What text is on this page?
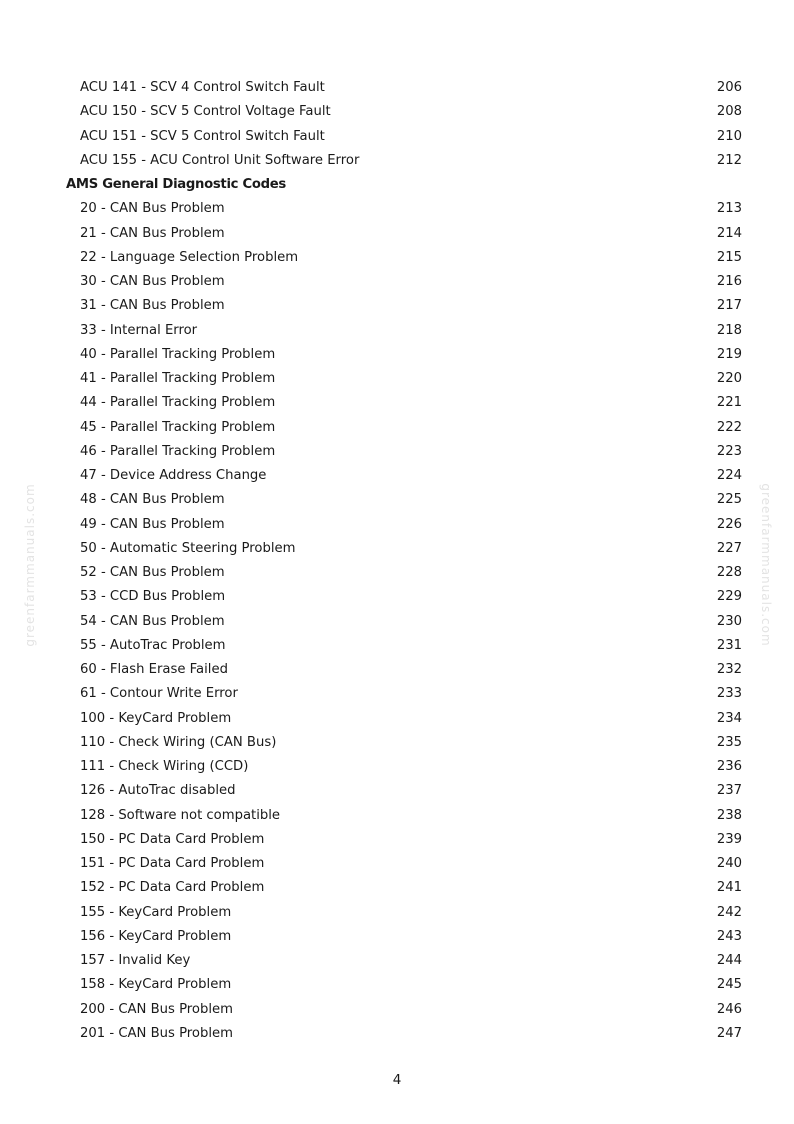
greenfarmmanuals.com	greenfarmmanuals.com
ACU 141 - SCV 4 Control Switch Fault	206
ACU 150 - SCV 5 Control Voltage Fault	208
ACU 151 - SCV 5 Control Switch Fault	210
ACU 155 - ACU Control Unit Software Error	212
AMS General Diagnostic Codes
20 - CAN Bus Problem	213
21 - CAN Bus Problem	214
22 - Language Selection Problem	215
30 - CAN Bus Problem	216
31 - CAN Bus Problem	217
33 - Internal Error	218
40 - Parallel Tracking Problem	219
41 - Parallel Tracking Problem	220
44 - Parallel Tracking Problem	221
45 - Parallel Tracking Problem	222
46 - Parallel Tracking Problem	223
47 - Device Address Change	224
48 - CAN Bus Problem	225
49 - CAN Bus Problem	226
50 - Automatic Steering Problem	227
52 - CAN Bus Problem	228
53 - CCD Bus Problem	229
54 - CAN Bus Problem	230
55 - AutoTrac Problem	231
60 - Flash Erase Failed	232
61 - Contour Write Error	233
100 - KeyCard Problem	234
110 - Check Wiring (CAN Bus)	235
111 - Check Wiring (CCD)	236
126 - AutoTrac disabled	237
128 - Software not compatible	238
150 - PC Data Card Problem	239
151 - PC Data Card Problem	240
152 - PC Data Card Problem	241
155 - KeyCard Problem	242
156 - KeyCard Problem	243
157 - Invalid Key	244
158 - KeyCard Problem	245
200 - CAN Bus Problem	246
201 - CAN Bus Problem	247
4
